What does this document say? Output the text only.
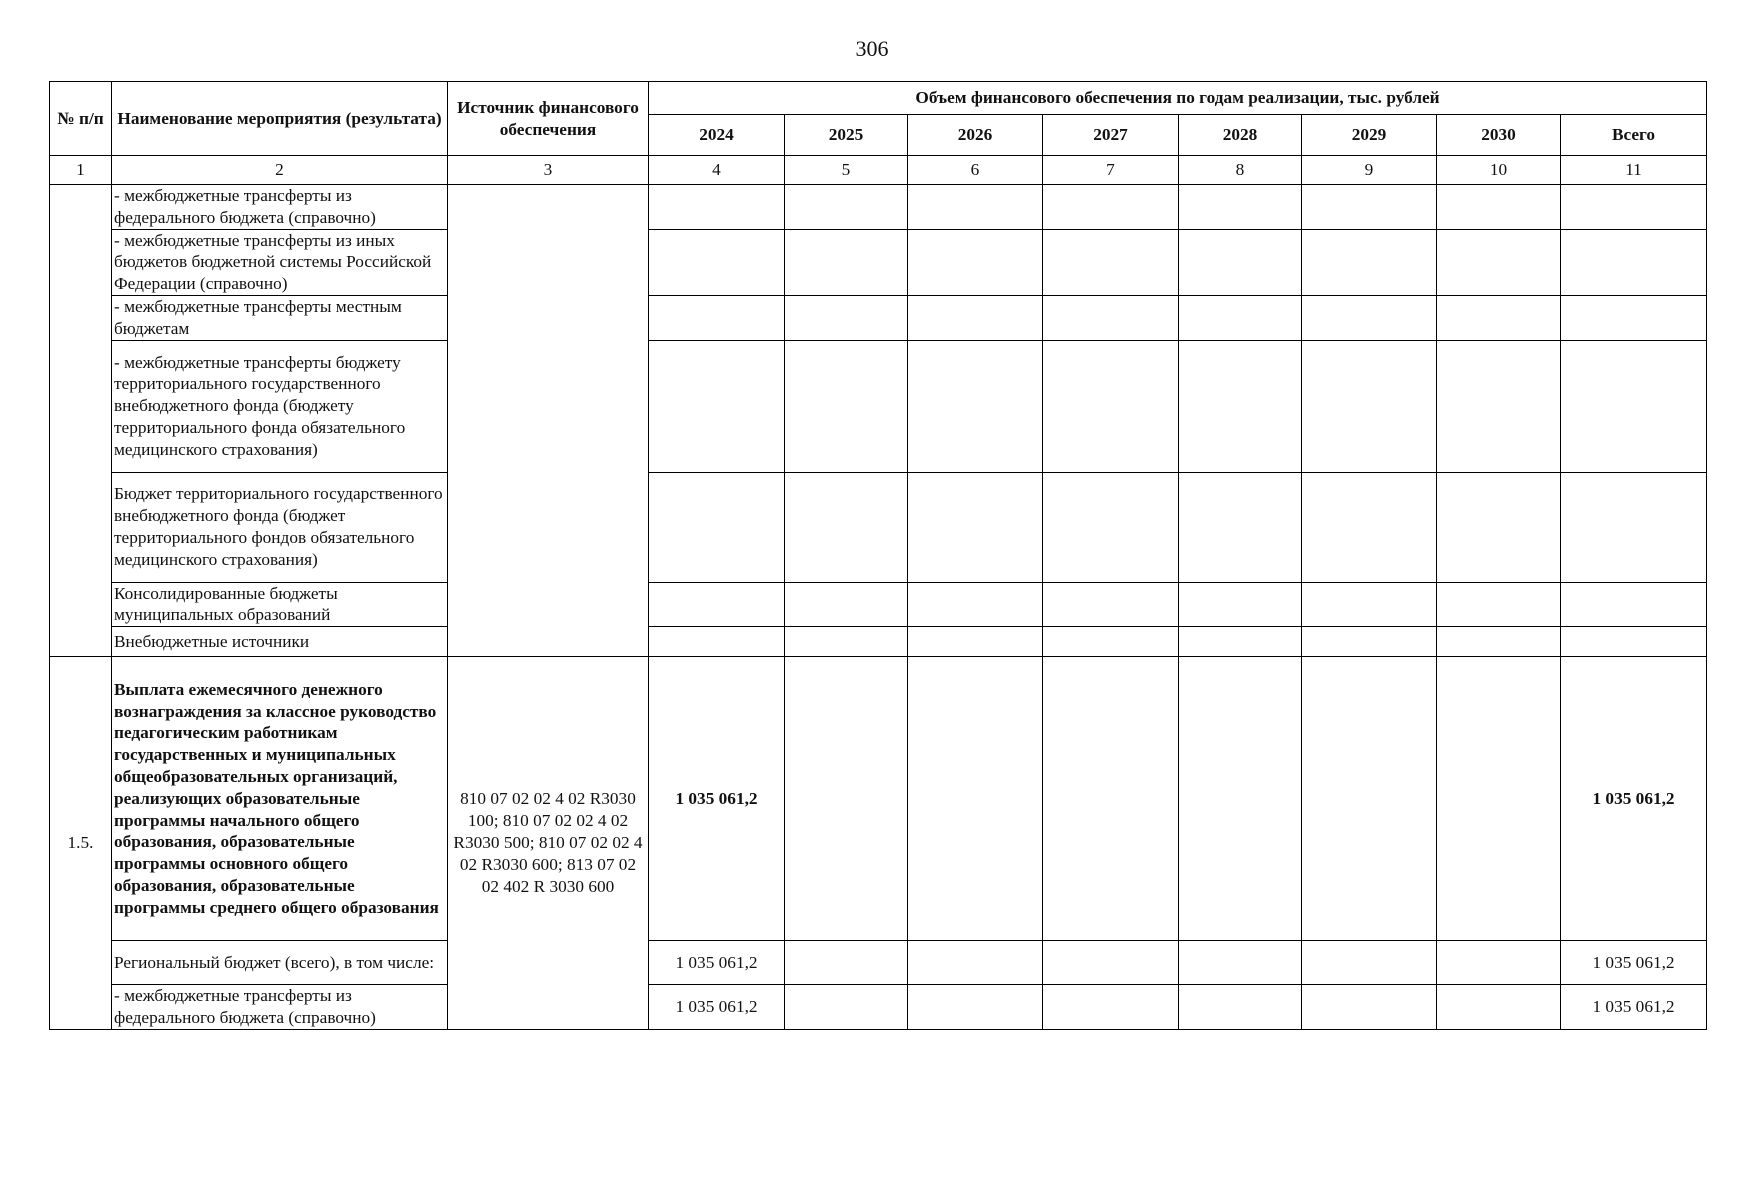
306
№ п/п	Наименование мероприятия (результата)	Источник финансового обеспечения	Объем финансового обеспечения по годам реализации, тыс. рублей							
			2024	2025	2026	2027	2028	2029	2030	Всего
1	2	3	4	5	6	7	8	9	10	11
	- межбюджетные трансферты из федерального бюджета (справочно)									
	- межбюджетные трансферты из иных бюджетов бюджетной системы Российской Федерации (справочно)									
	- межбюджетные трансферты местным бюджетам									
	- межбюджетные трансферты бюджету территориального государственного внебюджетного фонда (бюджету территориального фонда обязательного медицинского страхования)									
	Бюджет территориального государственного внебюджетного фонда (бюджет территориального фондов обязательного медицинского страхования)									
	Консолидированные бюджеты муниципальных образований									
	Внебюджетные источники									
1.5.	Выплата ежемесячного денежного вознаграждения за классное руководство педагогическим работникам государственных и муниципальных общеобразовательных организаций, реализующих образовательные программы начального общего образования, образовательные программы основного общего образования, образовательные программы среднего общего образования	810 07 02 02 4 02 R3030 100; 810 07 02 02 4 02 R3030 500; 810 07 02 02 4 02 R3030 600; 813 07 02 02 402 R 3030 600	1 035 061,2							1 035 061,2
	Региональный бюджет (всего), в том числе:		1 035 061,2							1 035 061,2
	- межбюджетные трансферты из федерального бюджета (справочно)		1 035 061,2							1 035 061,2
